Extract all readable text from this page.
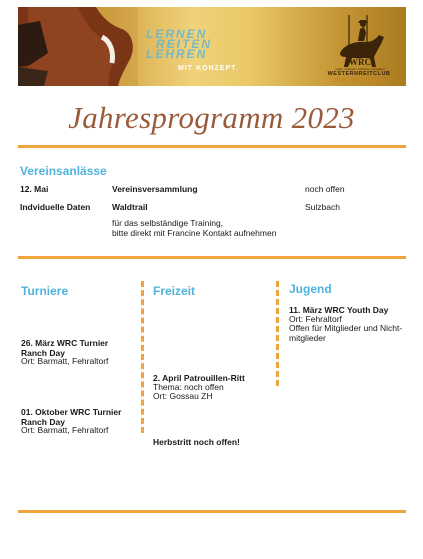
LERNEN
REITEN
LEHREN
MIT KONZEPT.
WRC
Liebe • Geduld • Achtung • Vertrauen
WESTERNREITCLUB
ZÜRI OBERLAND
Jahresprogramm 2023
Vereinsanlässe
12. Mai	Vereinsversammlung	noch offen
Indviduelle Daten	Waldtrail	Sulzbach
für das selbständige Training,
bitte direkt mit Francine Kontakt aufnehmen
Turniere
26. März WRC Turnier Ranch Day
Ort: Barmatt, Fehraltorf
01. Oktober WRC Turnier Ranch Day
Ort: Barmatt, Fehraltorf
Freizeit
2. April Patrouillen-Ritt
Thema: noch offen
Ort: Gossau ZH
Herbstritt noch offen!
Jugend
11. März WRC Youth Day
Ort: Fehraltorf
Offen für Mitglieder und Nicht-mitglieder
